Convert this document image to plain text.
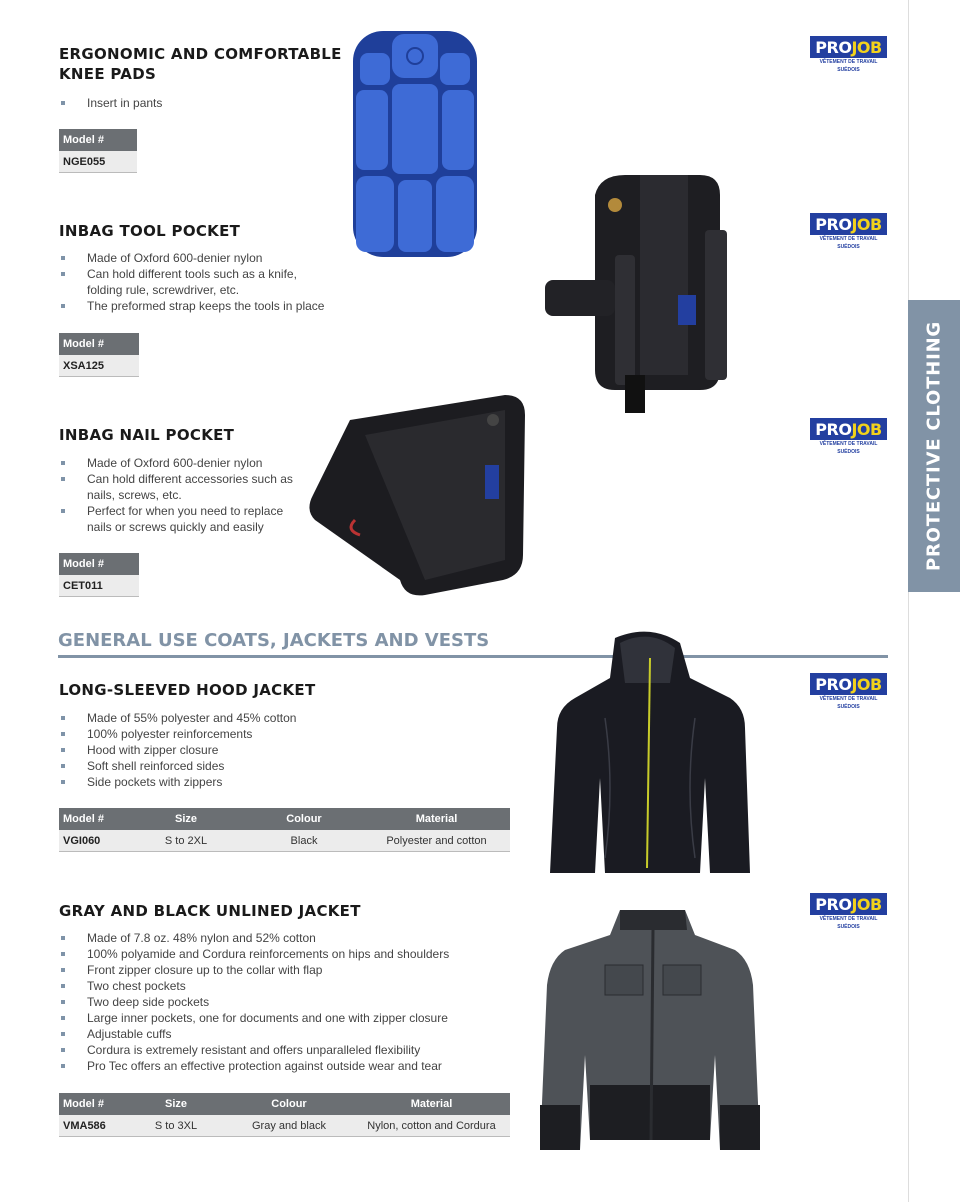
PROTECTIVE CLOTHING
ERGONOMIC AND COMFORTABLE
KNEE PADS
Insert in pants
Model #
NGE055
PRO JOB
VÊTEMENT DE TRAVAIL SUÉDOIS
INBAG TOOL POCKET
Made of Oxford 600-denier nylon
Can hold different tools such as a knife,
folding rule, screwdriver, etc.
The preformed strap keeps the tools in place
Model #
XSA125
PRO JOB
VÊTEMENT DE TRAVAIL SUÉDOIS
INBAG NAIL POCKET
Made of Oxford 600-denier nylon
Can hold different accessories such as
nails, screws, etc.
Perfect for when you need to replace
nails or screws quickly and easily
Model #
CET011
PRO JOB
VÊTEMENT DE TRAVAIL SUÉDOIS
GENERAL USE COATS, JACKETS AND VESTS
LONG-SLEEVED HOOD JACKET
Made of 55% polyester and 45% cotton
100% polyester reinforcements
Hood with zipper closure
Soft shell reinforced sides
Side pockets with zippers
Model #	Size	Colour	Material
VGI060	S to 2XL	Black	Polyester and cotton
PRO JOB
VÊTEMENT DE TRAVAIL SUÉDOIS
GRAY AND BLACK UNLINED JACKET
Made of 7.8 oz. 48% nylon and 52% cotton
100% polyamide and Cordura reinforcements on hips and shoulders
Front zipper closure up to the collar with flap
Two chest pockets
Two deep side pockets
Large inner pockets, one for documents and one with zipper closure
Adjustable cuffs
Cordura is extremely resistant and offers unparalleled flexibility
Pro Tec offers an effective protection against outside wear and tear
Model #	Size	Colour	Material
VMA586	S to 3XL	Gray and black	Nylon, cotton and Cordura
PRO JOB
VÊTEMENT DE TRAVAIL SUÉDOIS
